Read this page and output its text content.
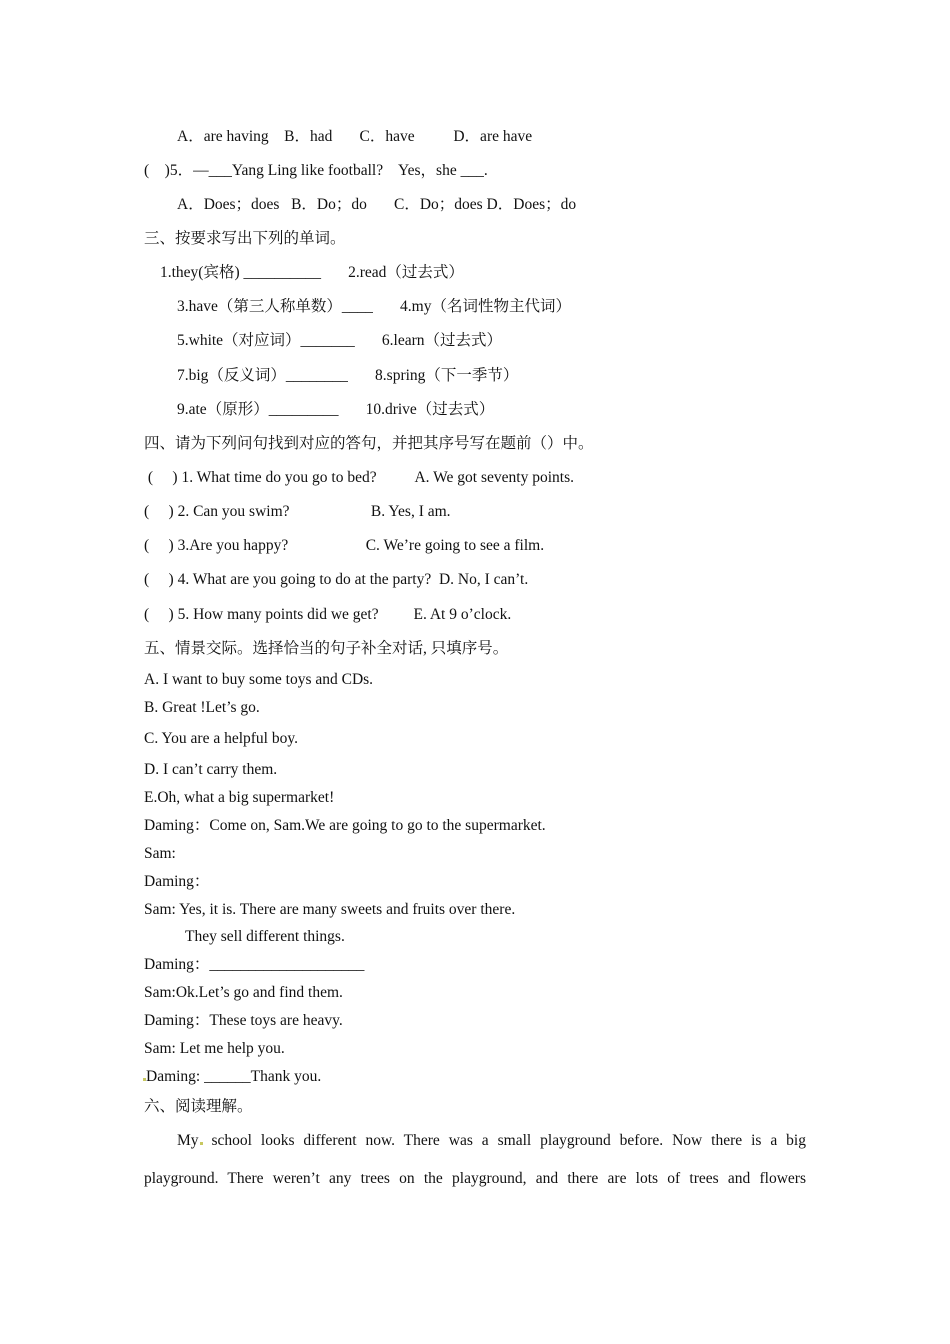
A．are having    B．had       C．have          D．are have
(    )5．—___Yang Ling like football?    Yes，she ___.
A．Does；does   B．Do；do       C．Do；does D．Does；do
三、按要求写出下列的单词。
1.they(宾格) __________       2.read（过去式）
3.have（第三人称单数）____       4.my（名词性物主代词）
5.white（对应词）_______       6.learn（过去式）
7.big（反义词）________       8.spring（下一季节）
9.ate（原形）_________       10.drive（过去式）
四、请为下列问句找到对应的答句，并把其序号写在题前（）中。
(     ) 1. What time do you go to bed?          A. We got seventy points.
(     ) 2. Can you swim?                     B. Yes, I am.
(     ) 3.Are you happy?                    C. We’re going to see a film.
(     ) 4. What are you going to do at the party?  D. No, I can’t.
(     ) 5. How many points did we get?         E. At 9 o’clock.
五、情景交际。选择恰当的句子补全对话, 只填序号。
A. I want to buy some toys and CDs.
B. Great !Let’s go.
C. You are a helpful boy.
D. I can’t carry them.
E.Oh, what a big supermarket!
Daming：Come on, Sam.We are going to go to the supermarket.
Sam:
Daming：
Sam: Yes, it is. There are many sweets and fruits over there.
They sell different things.
Daming：____________________
Sam:Ok.Let’s go and find them.
Daming：These toys are heavy.
Sam: Let me help you.
Daming: ______Thank you.
六、阅读理解。
My school looks different now. There was a small playground before. Now there is a big
playground. There weren’t any trees on the playground, and there are lots of trees and flowers
